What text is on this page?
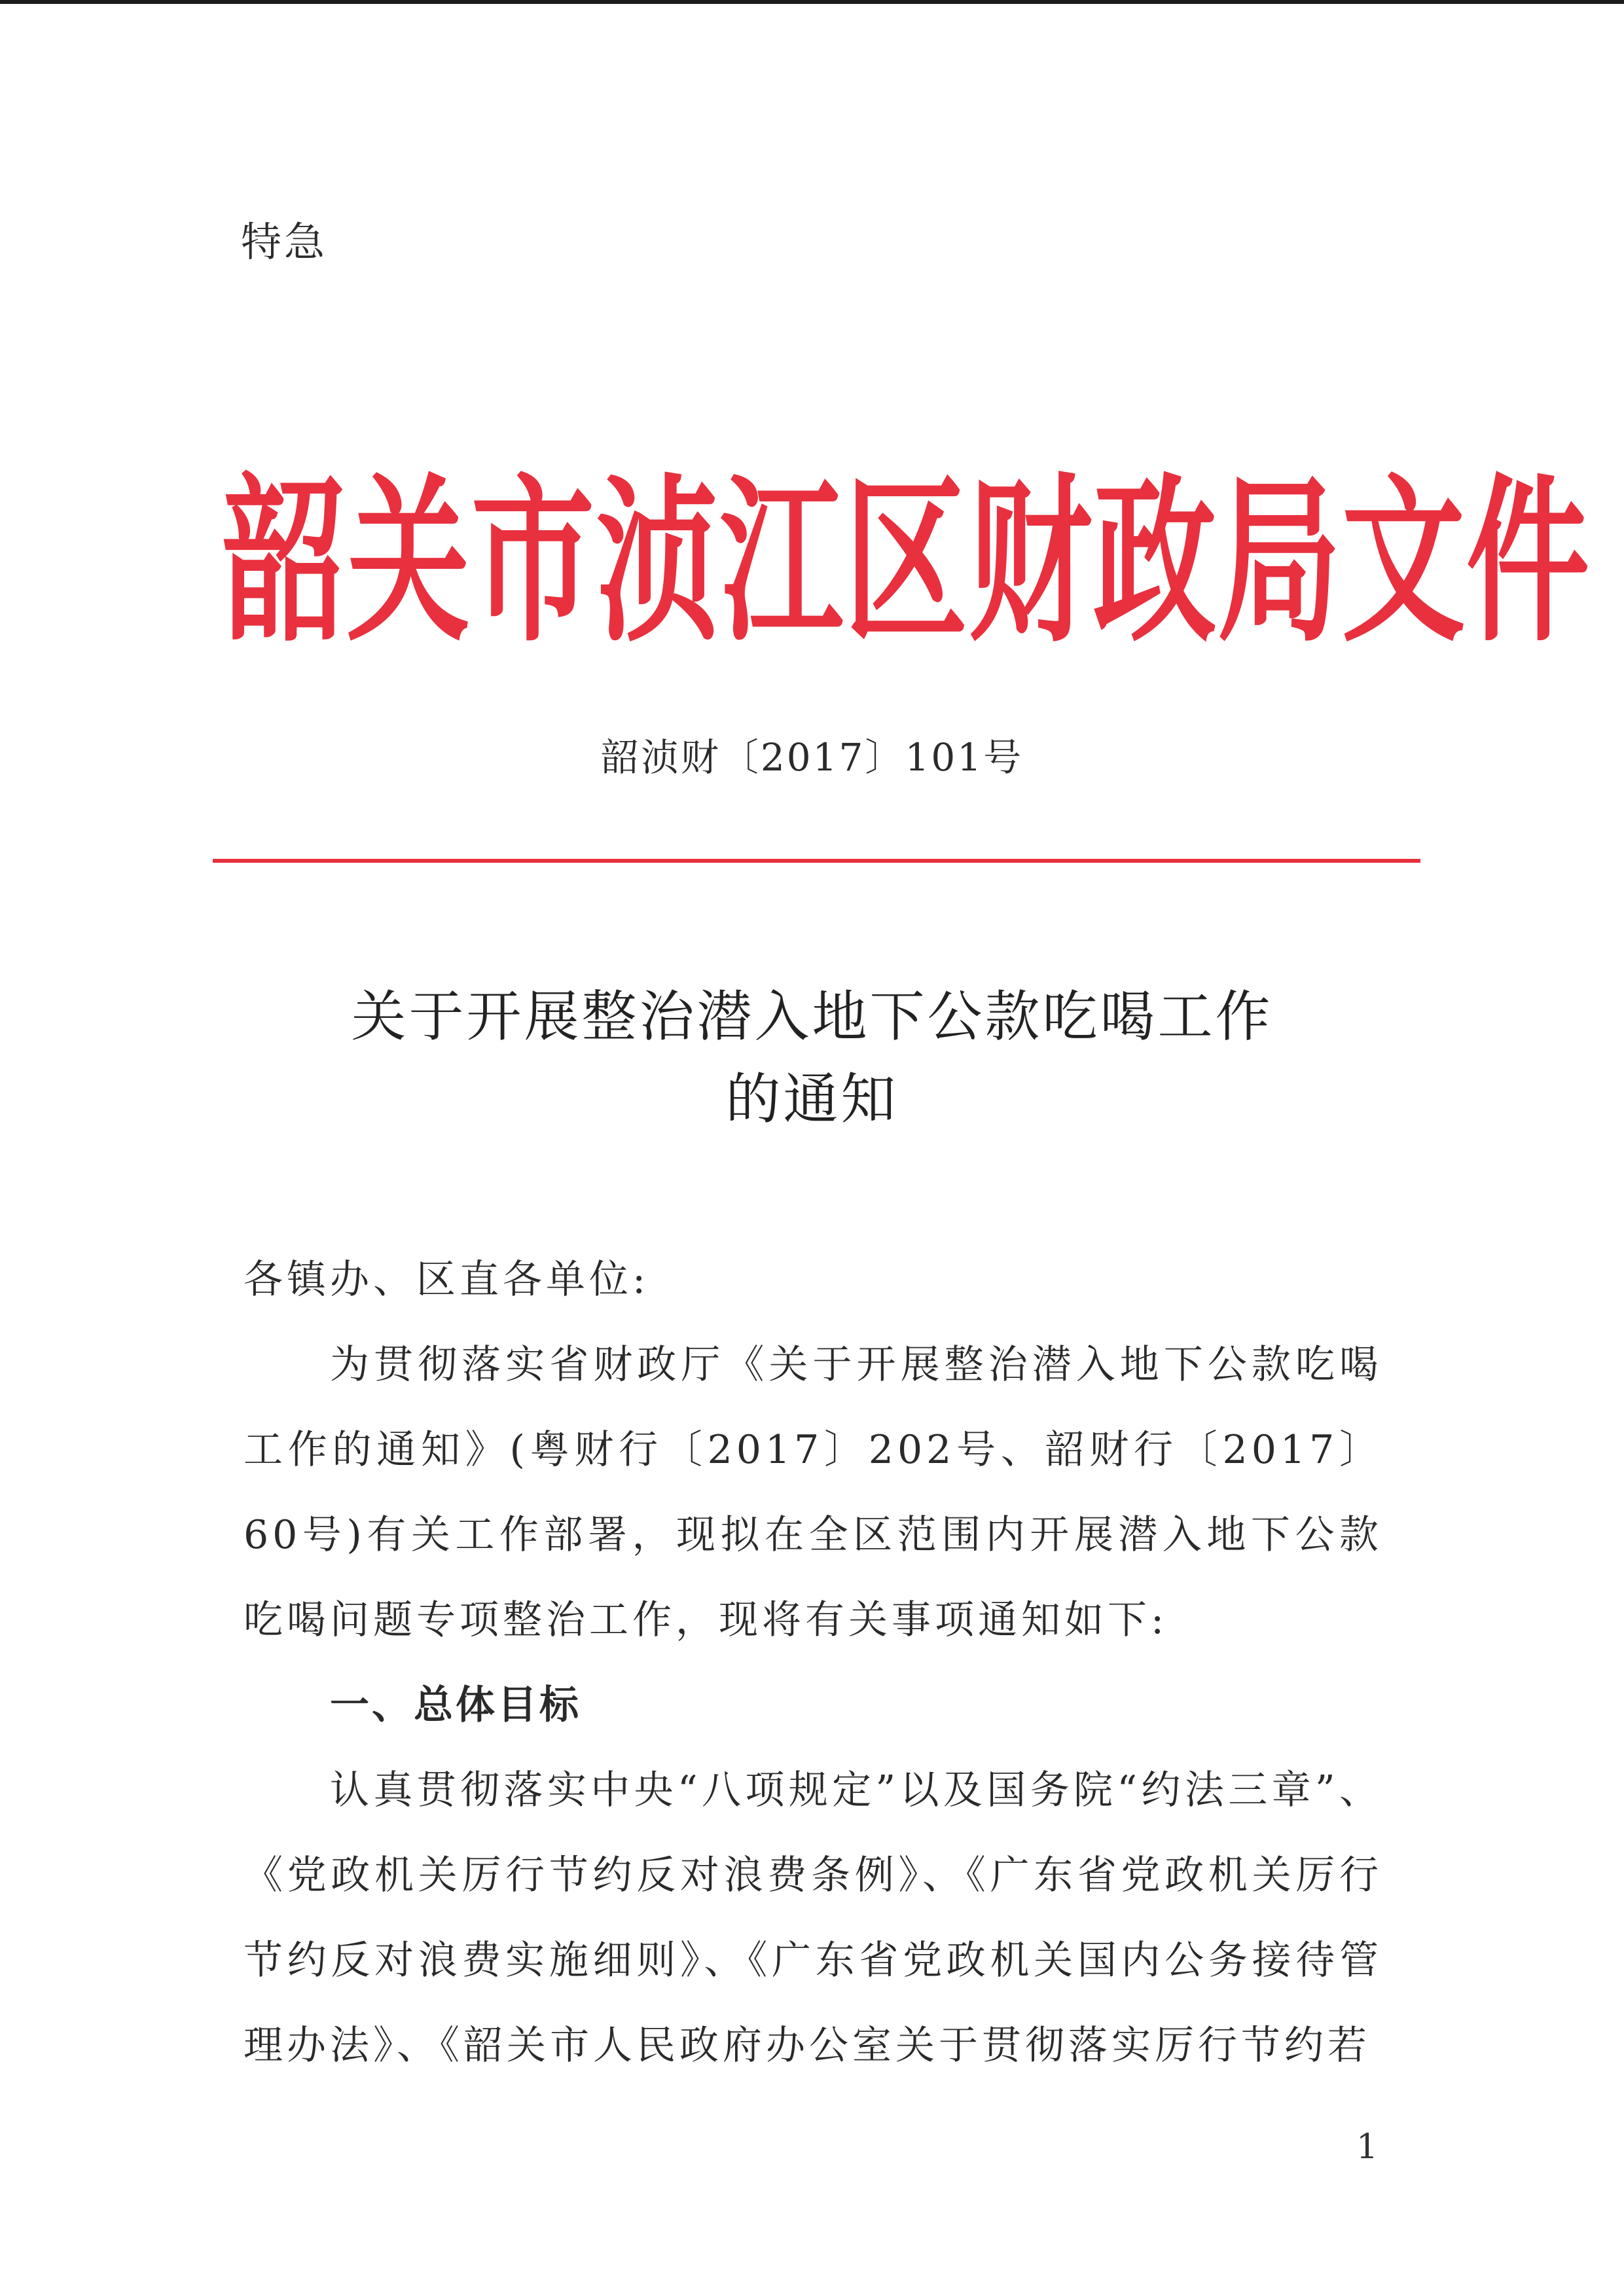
特急
韶关市浈江区财政局文件
韶浈财〔2017〕101号
关于开展整治潜入地下公款吃喝工作
的通知

各镇办、区直各单位:

为贯彻落实省财政厅《关于开展整治潜入地下公款吃喝工作的通知》(粤财行〔2017〕202号、韶财行〔2017〕60号)有关工作部署，现拟在全区范围内开展潜入地下公款吃喝问题专项整治工作，现将有关事项通知如下:

一、总体目标

认真贯彻落实中央“八项规定”以及国务院“约法三章”、《党政机关厉行节约反对浪费条例》、《广东省党政机关厉行节约反对浪费实施细则》、《广东省党政机关国内公务接待管理办法》、《韶关市人民政府办公室关于贯彻落实厉行节约若

1
